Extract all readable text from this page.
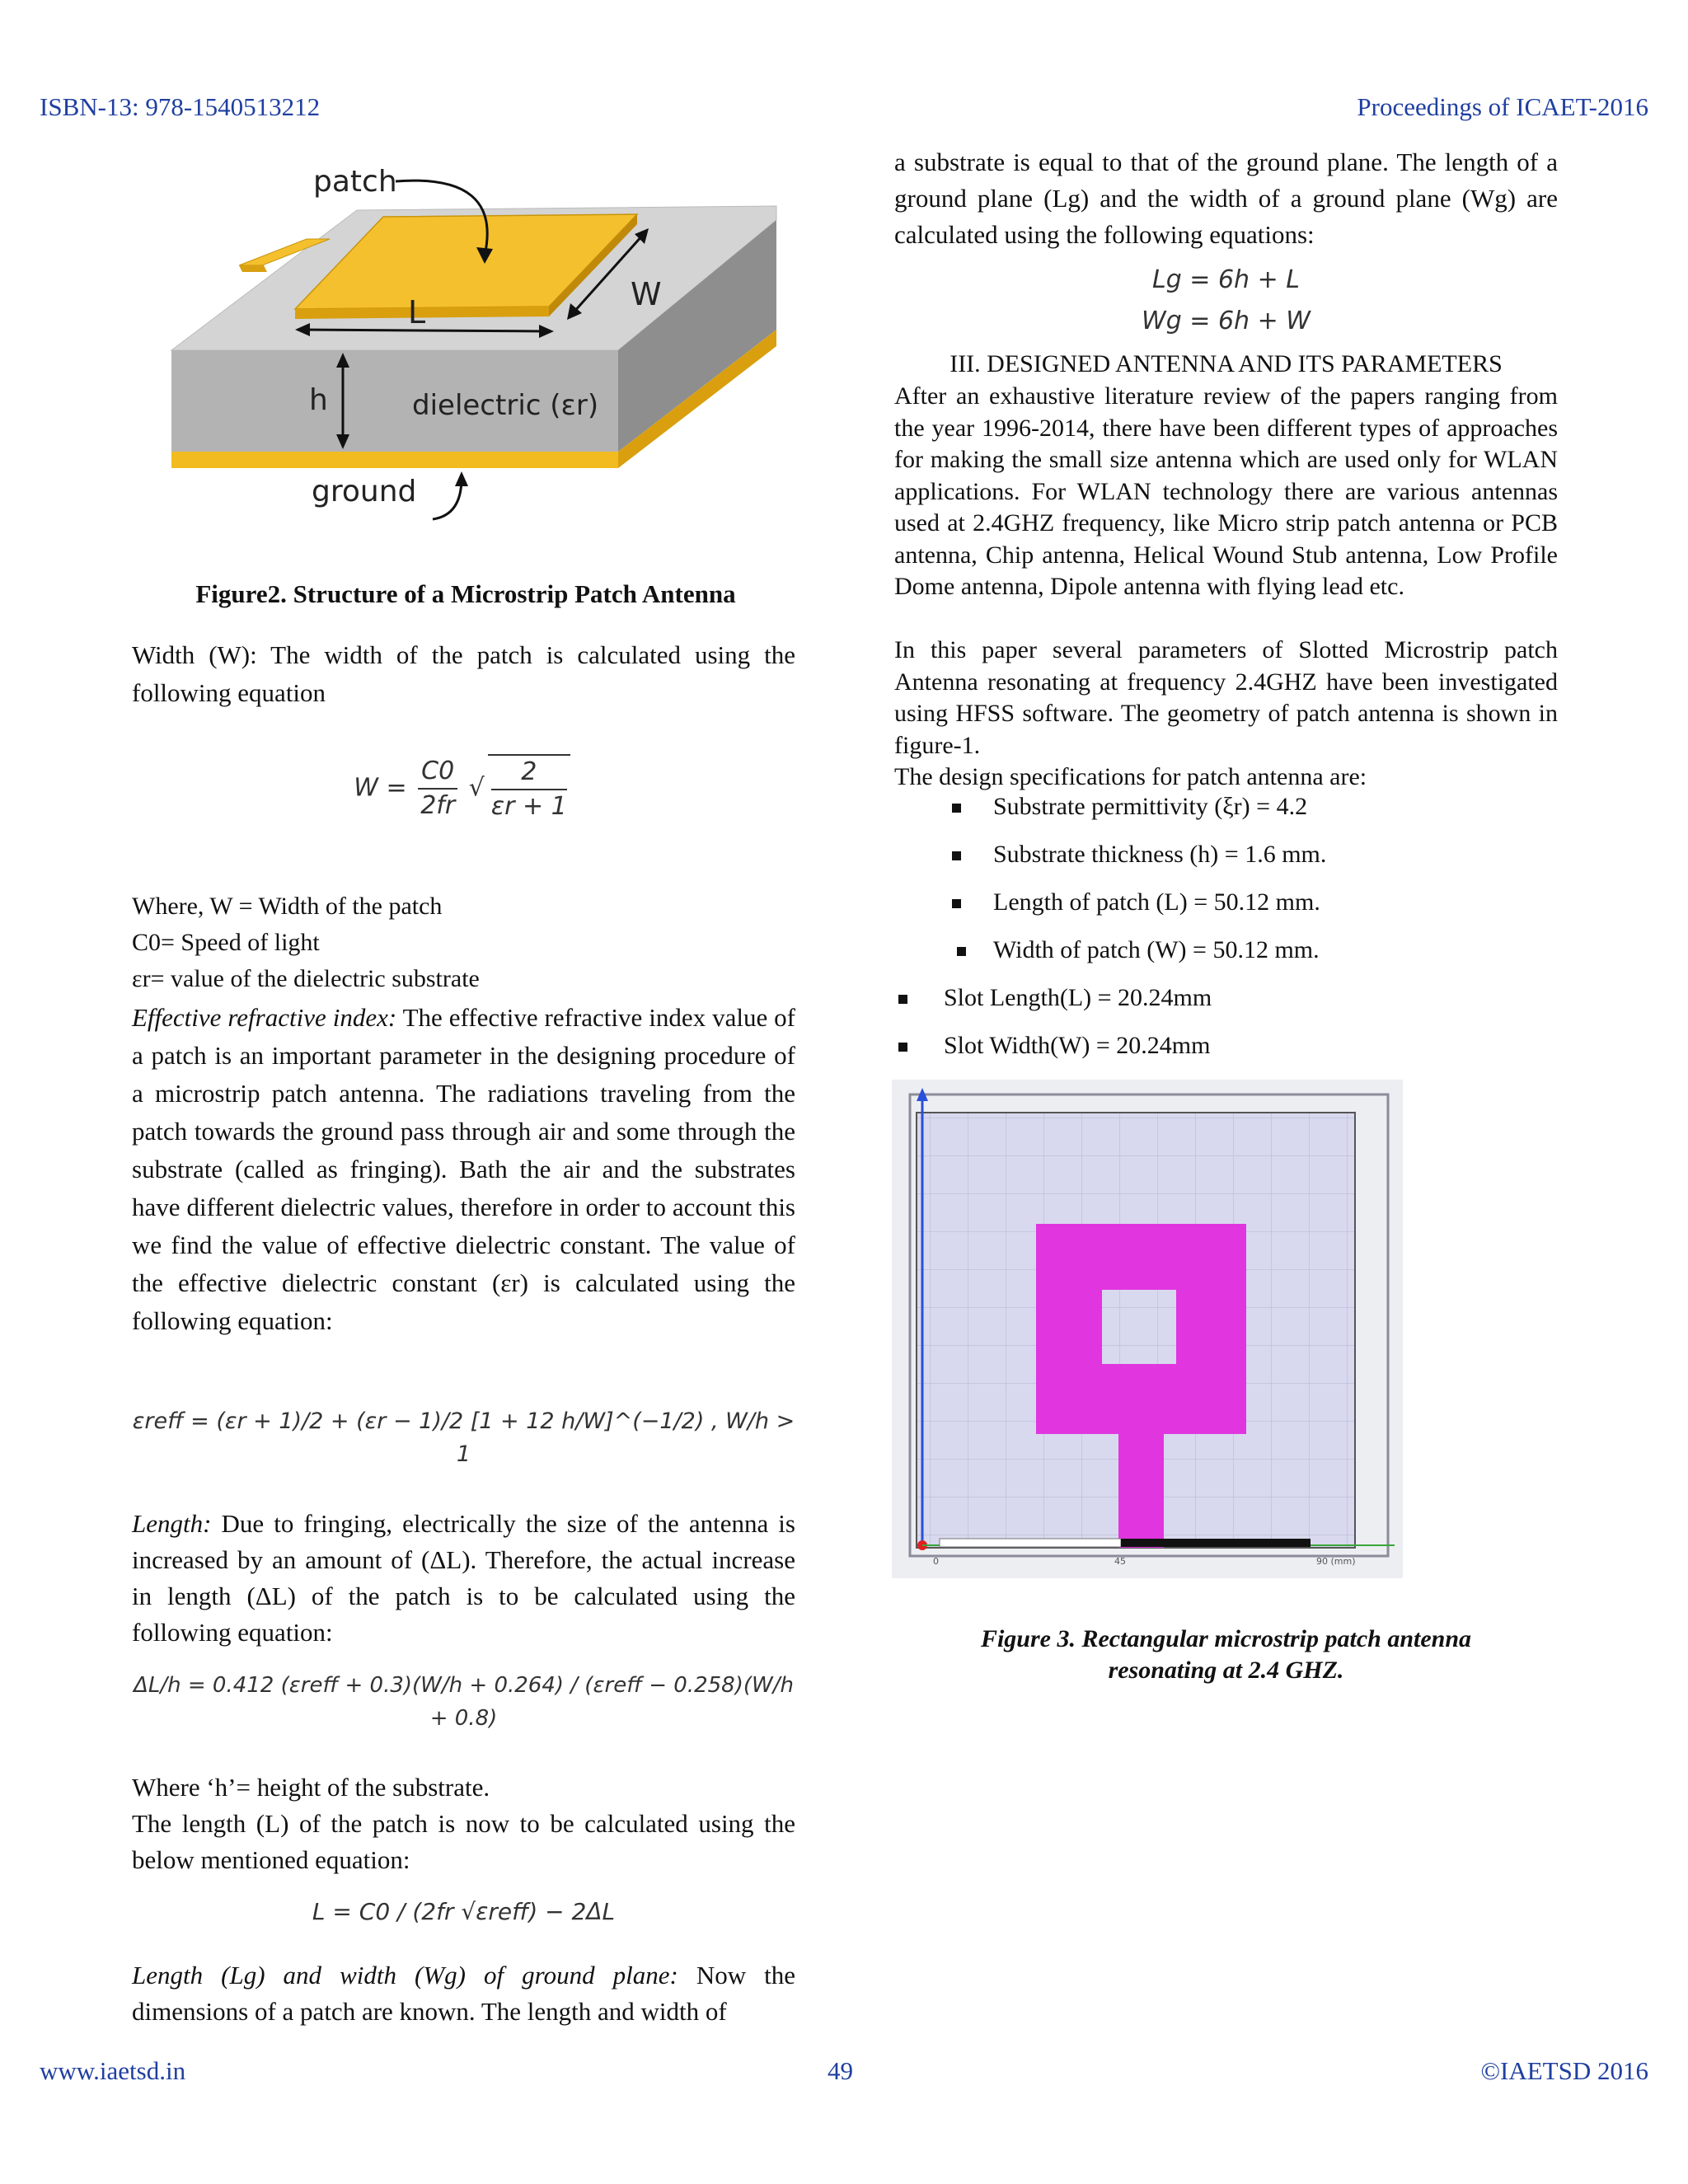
ISBN-13: 978-1540513212	Proceedings of ICAET-2016
patch
L	W
h	dielectric (εr)
ground
Figure2. Structure of a Microstrip Patch Antenna
Width (W): The width of the patch is calculated using the following equation
$W = \frac{C0}{2fr}$ √ $\frac{2}{\varepsilon r + 1}$
Where, W = Width of the patch
C0= Speed of light
εr= value of the dielectric substrate
Effective refractive index: The effective refractive index value of a patch is an important parameter in the designing procedure of a microstrip patch antenna. The radiations traveling from the patch towards the ground pass through air and some through the substrate (called as fringing). Bath the air and the substrates have different dielectric values, therefore in order to account this we find the value of effective dielectric constant. The value of the effective dielectric constant (εr) is calculated using the following equation:
εreff = (εr + 1)/2 + (εr − 1)/2 [1 + 12 h/W]^(−1/2) , W/h > 1
Length: Due to fringing, electrically the size of the antenna is increased by an amount of (ΔL). Therefore, the actual increase in length (ΔL) of the patch is to be calculated using the following equation:
ΔL/h = 0.412 (εreff + 0.3)(W/h + 0.264) / (εreff − 0.258)(W/h + 0.8)
Where ‘h’= height of the substrate.
The length (L) of the patch is now to be calculated using the below mentioned equation:
L = C0 / (2fr √εreff) − 2ΔL
Length (Lg) and width (Wg) of ground plane: Now the dimensions of a patch are known. The length and width of
a substrate is equal to that of the ground plane. The length of a ground plane (Lg) and the width of a ground plane (Wg) are calculated using the following equations:
Lg = 6h + L
Wg = 6h + W
III. DESIGNED ANTENNA AND ITS PARAMETERS
After an exhaustive literature review of the papers ranging from the year 1996-2014, there have been different types of approaches for making the small size antenna which are used only for WLAN applications. For WLAN technology there are various antennas used at 2.4GHZ frequency, like Micro strip patch antenna or PCB antenna, Chip antenna, Helical Wound Stub antenna, Low Profile Dome antenna, Dipole antenna with flying lead etc.
In this paper several parameters of Slotted Microstrip patch Antenna resonating at frequency 2.4GHZ have been investigated using HFSS software. The geometry of patch antenna is shown in figure-1.
The design specifications for patch antenna are:
Substrate permittivity (ξr) = 4.2
Substrate thickness (h) = 1.6 mm.
Length of patch (L) = 50.12 mm.
Width of patch (W) = 50.12 mm.
Slot Length(L) = 20.24mm
Slot Width(W) = 20.24mm
0	45	90 (mm)
Figure 3. Rectangular microstrip patch antenna
resonating at 2.4 GHZ.
www.iaetsd.in	49	©IAETSD 2016
